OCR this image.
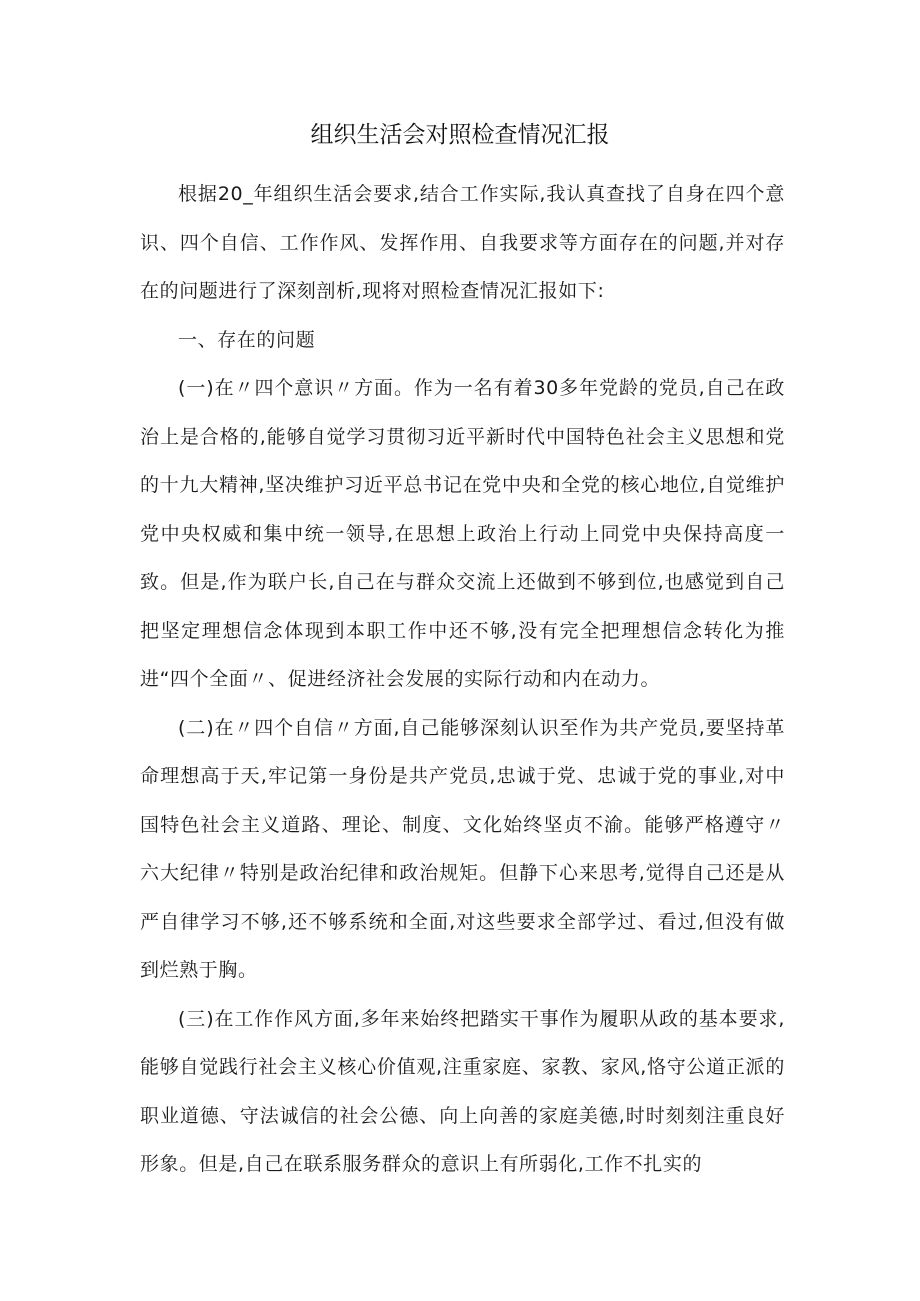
组织生活会对照检查情况汇报

根据20_年组织生活会要求,结合工作实际,我认真查找了自身在四个意识、四个自信、工作作风、发挥作用、自我要求等方面存在的问题,并对存在的问题进行了深刻剖析,现将对照检查情况汇报如下:

一、存在的问题

(一)在〃四个意识〃方面。作为一名有着30多年党龄的党员,自己在政治上是合格的,能够自觉学习贯彻习近平新时代中国特色社会主义思想和党的十九大精神,坚决维护习近平总书记在党中央和全党的核心地位,自觉维护党中央权威和集中统一领导,在思想上政治上行动上同党中央保持高度一致。但是,作为联户长,自己在与群众交流上还做到不够到位,也感觉到自己把坚定理想信念体现到本职工作中还不够,没有完全把理想信念转化为推进“四个全面〃、促进经济社会发展的实际行动和内在动力。

(二)在〃四个自信〃方面,自己能够深刻认识至作为共产党员,要坚持革命理想高于天,牢记第一身份是共产党员,忠诚于党、忠诚于党的事业,对中国特色社会主义道路、理论、制度、文化始终坚贞不渝。能够严格遵守〃六大纪律〃特别是政治纪律和政治规矩。但静下心来思考,觉得自己还是从严自律学习不够,还不够系统和全面,对这些要求全部学过、看过,但没有做到烂熟于胸。

(三)在工作作风方面,多年来始终把踏实干事作为履职从政的基本要求,能够自觉践行社会主义核心价值观,注重家庭、家教、家风,恪守公道正派的职业道德、守法诚信的社会公德、向上向善的家庭美德,时时刻刻注重良好形象。但是,自己在联系服务群众的意识上有所弱化,工作不扎实的
